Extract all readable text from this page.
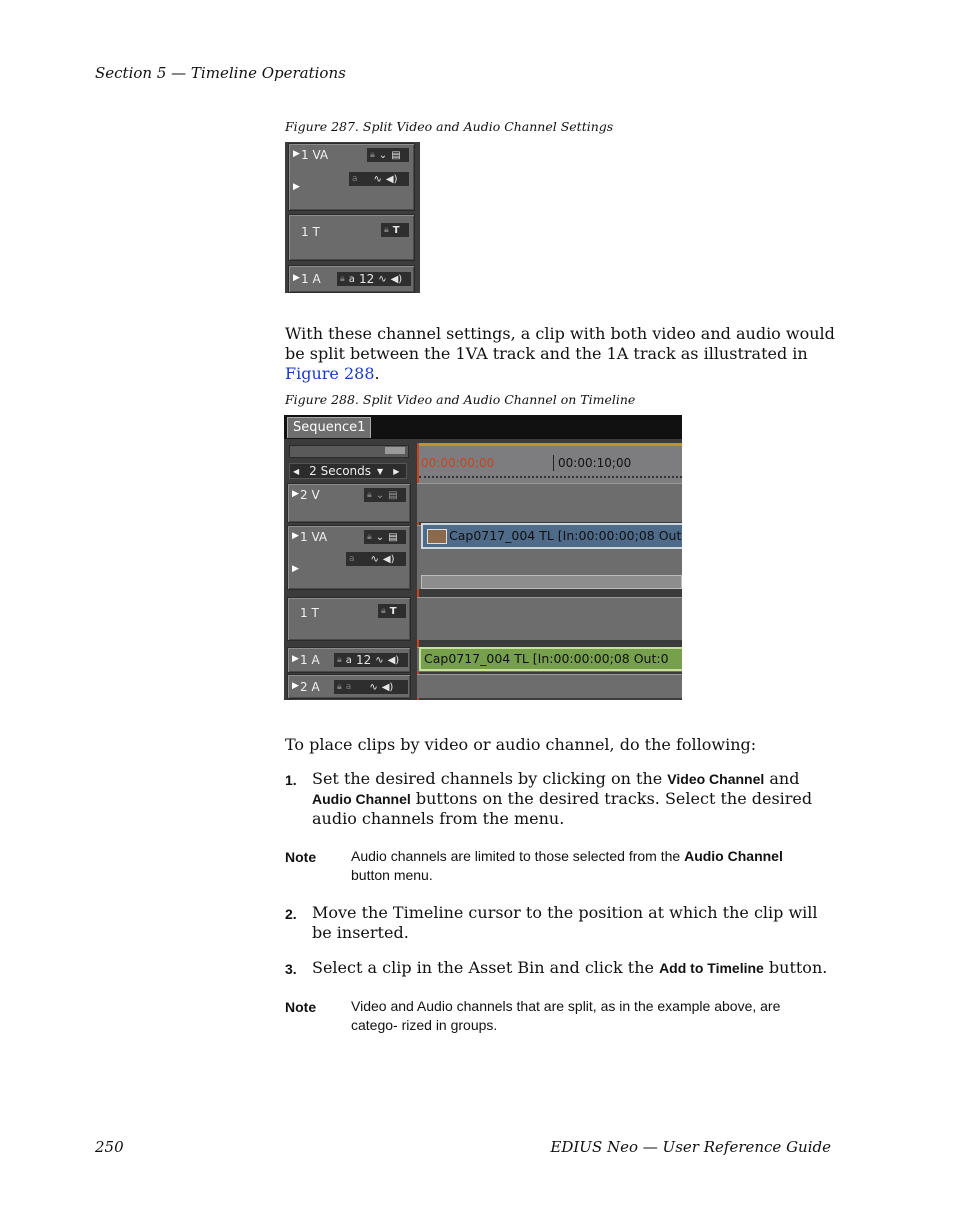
Section 5 — Timeline Operations
Figure 287. Split Video and Audio Channel Settings
▶ 1 VA	🔒︎ ⌄ ▤
▶
a ∿ ◀)
1 T	🔒︎ T
▶ 1 A 🔒︎ a 12 ∿ ◀)

With these channel settings, a clip with both video and audio would be split between the 1VA track and the 1A track as illustrated in Figure 288.

Figure 288. Split Video and Audio Channel on Timeline
Sequence1
◀ 2 Seconds ▼ ▶
00:00:00;00	00:00:10;00
▶ 2 V	🔒︎ ⌄ ▤
▶ 1 VA	🔒︎ ⌄ ▤
▶
a ∿ ◀)
1 T	🔒︎ T
▶ 1 A 🔒︎ a 12 ∿ ◀)
▶ 2 A 🔒︎ a ∿ ◀)
Cap0717_004 TL [In:00:00:00;08 Out
Cap0717_004 TL [In:00:00:00;08 Out:0

To place clips by video or audio channel, do the following:

1. Set the desired channels by clicking on the Video Channel and Audio Channel buttons on the desired tracks. Select the desired audio channels from the menu.

Note Audio channels are limited to those selected from the Audio Channel button menu.
2. Move the Timeline cursor to the position at which the clip will be inserted.

3. Select a clip in the Asset Bin and click the Add to Timeline button.

Note Video and Audio channels that are split, as in the example above, are catego- rized in groups.
250	EDIUS Neo — User Reference Guide
